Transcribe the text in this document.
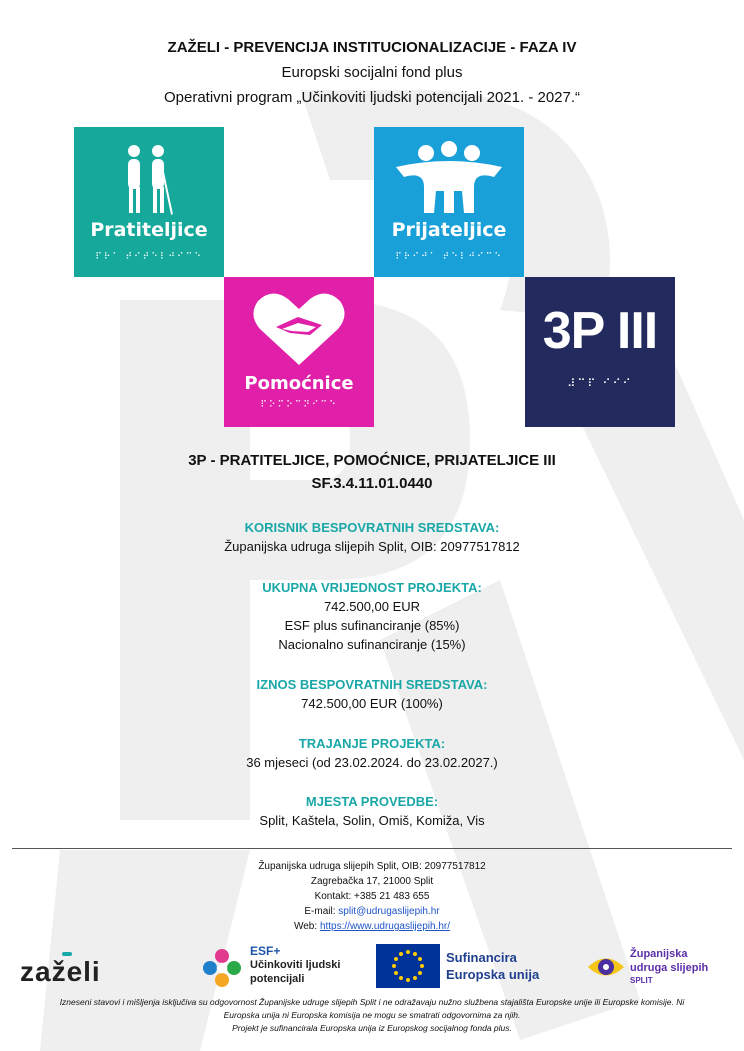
ZAŽELI - PREVENCIJA INSTITUCIONALIZACIJE - FAZA IV
Europski socijalni fond plus
Operativni program „Učinkoviti ljudski potencijali 2021. - 2027.“
Pratiteljice
⠏⠗⠁ ⠞⠊⠞⠑⠇⠚⠊⠉⠑
Prijateljice
⠏⠗⠊⠚⠁ ⠞⠑⠇⠚⠊⠉⠑
Pomoćnice
⠏⠕⠍⠕⠉⠝⠊⠉⠑
3P III
⠼⠉⠏ ⠊⠊⠊
3P - PRATITELJICE, POMOĆNICE, PRIJATELJICE III
SF.3.4.11.01.0440
KORISNIK BESPOVRATNIH SREDSTAVA:
Županijska udruga slijepih Split, OIB: 20977517812
UKUPNA VRIJEDNOST PROJEKTA:
742.500,00 EUR
ESF plus sufinanciranje (85%)
Nacionalno sufinanciranje (15%)
IZNOS BESPOVRATNIH SREDSTAVA:
742.500,00 EUR (100%)
TRAJANJE PROJEKTA:
36 mjeseci (od 23.02.2024. do 23.02.2027.)
MJESTA PROVEDBE:
Split, Kaštela, Solin, Omiš, Komiža, Vis
Županijska udruga slijepih Split, OIB: 20977517812
Zagrebačka 17, 21000 Split
Kontakt: +385 21 483 655
E-mail: split@udrugaslijepih.hr
Web: https://www.udrugaslijepih.hr/
zaželi
ESF+
Učinkoviti ljudski
potencijali
Sufinancira
Europska unija
Županijska
udruga slijepih
SPLIT
Izneseni stavovi i mišljenja isključiva su odgovornost Županijske udruge slijepih Split i ne odražavaju nužno službena stajališta Europske unije ili Europske komisije. Ni
Europska unija ni Europska komisija ne mogu se smatrati odgovornima za njih.
Projekt je sufinancirala Europska unija iz Europskog socijalnog fonda plus.
